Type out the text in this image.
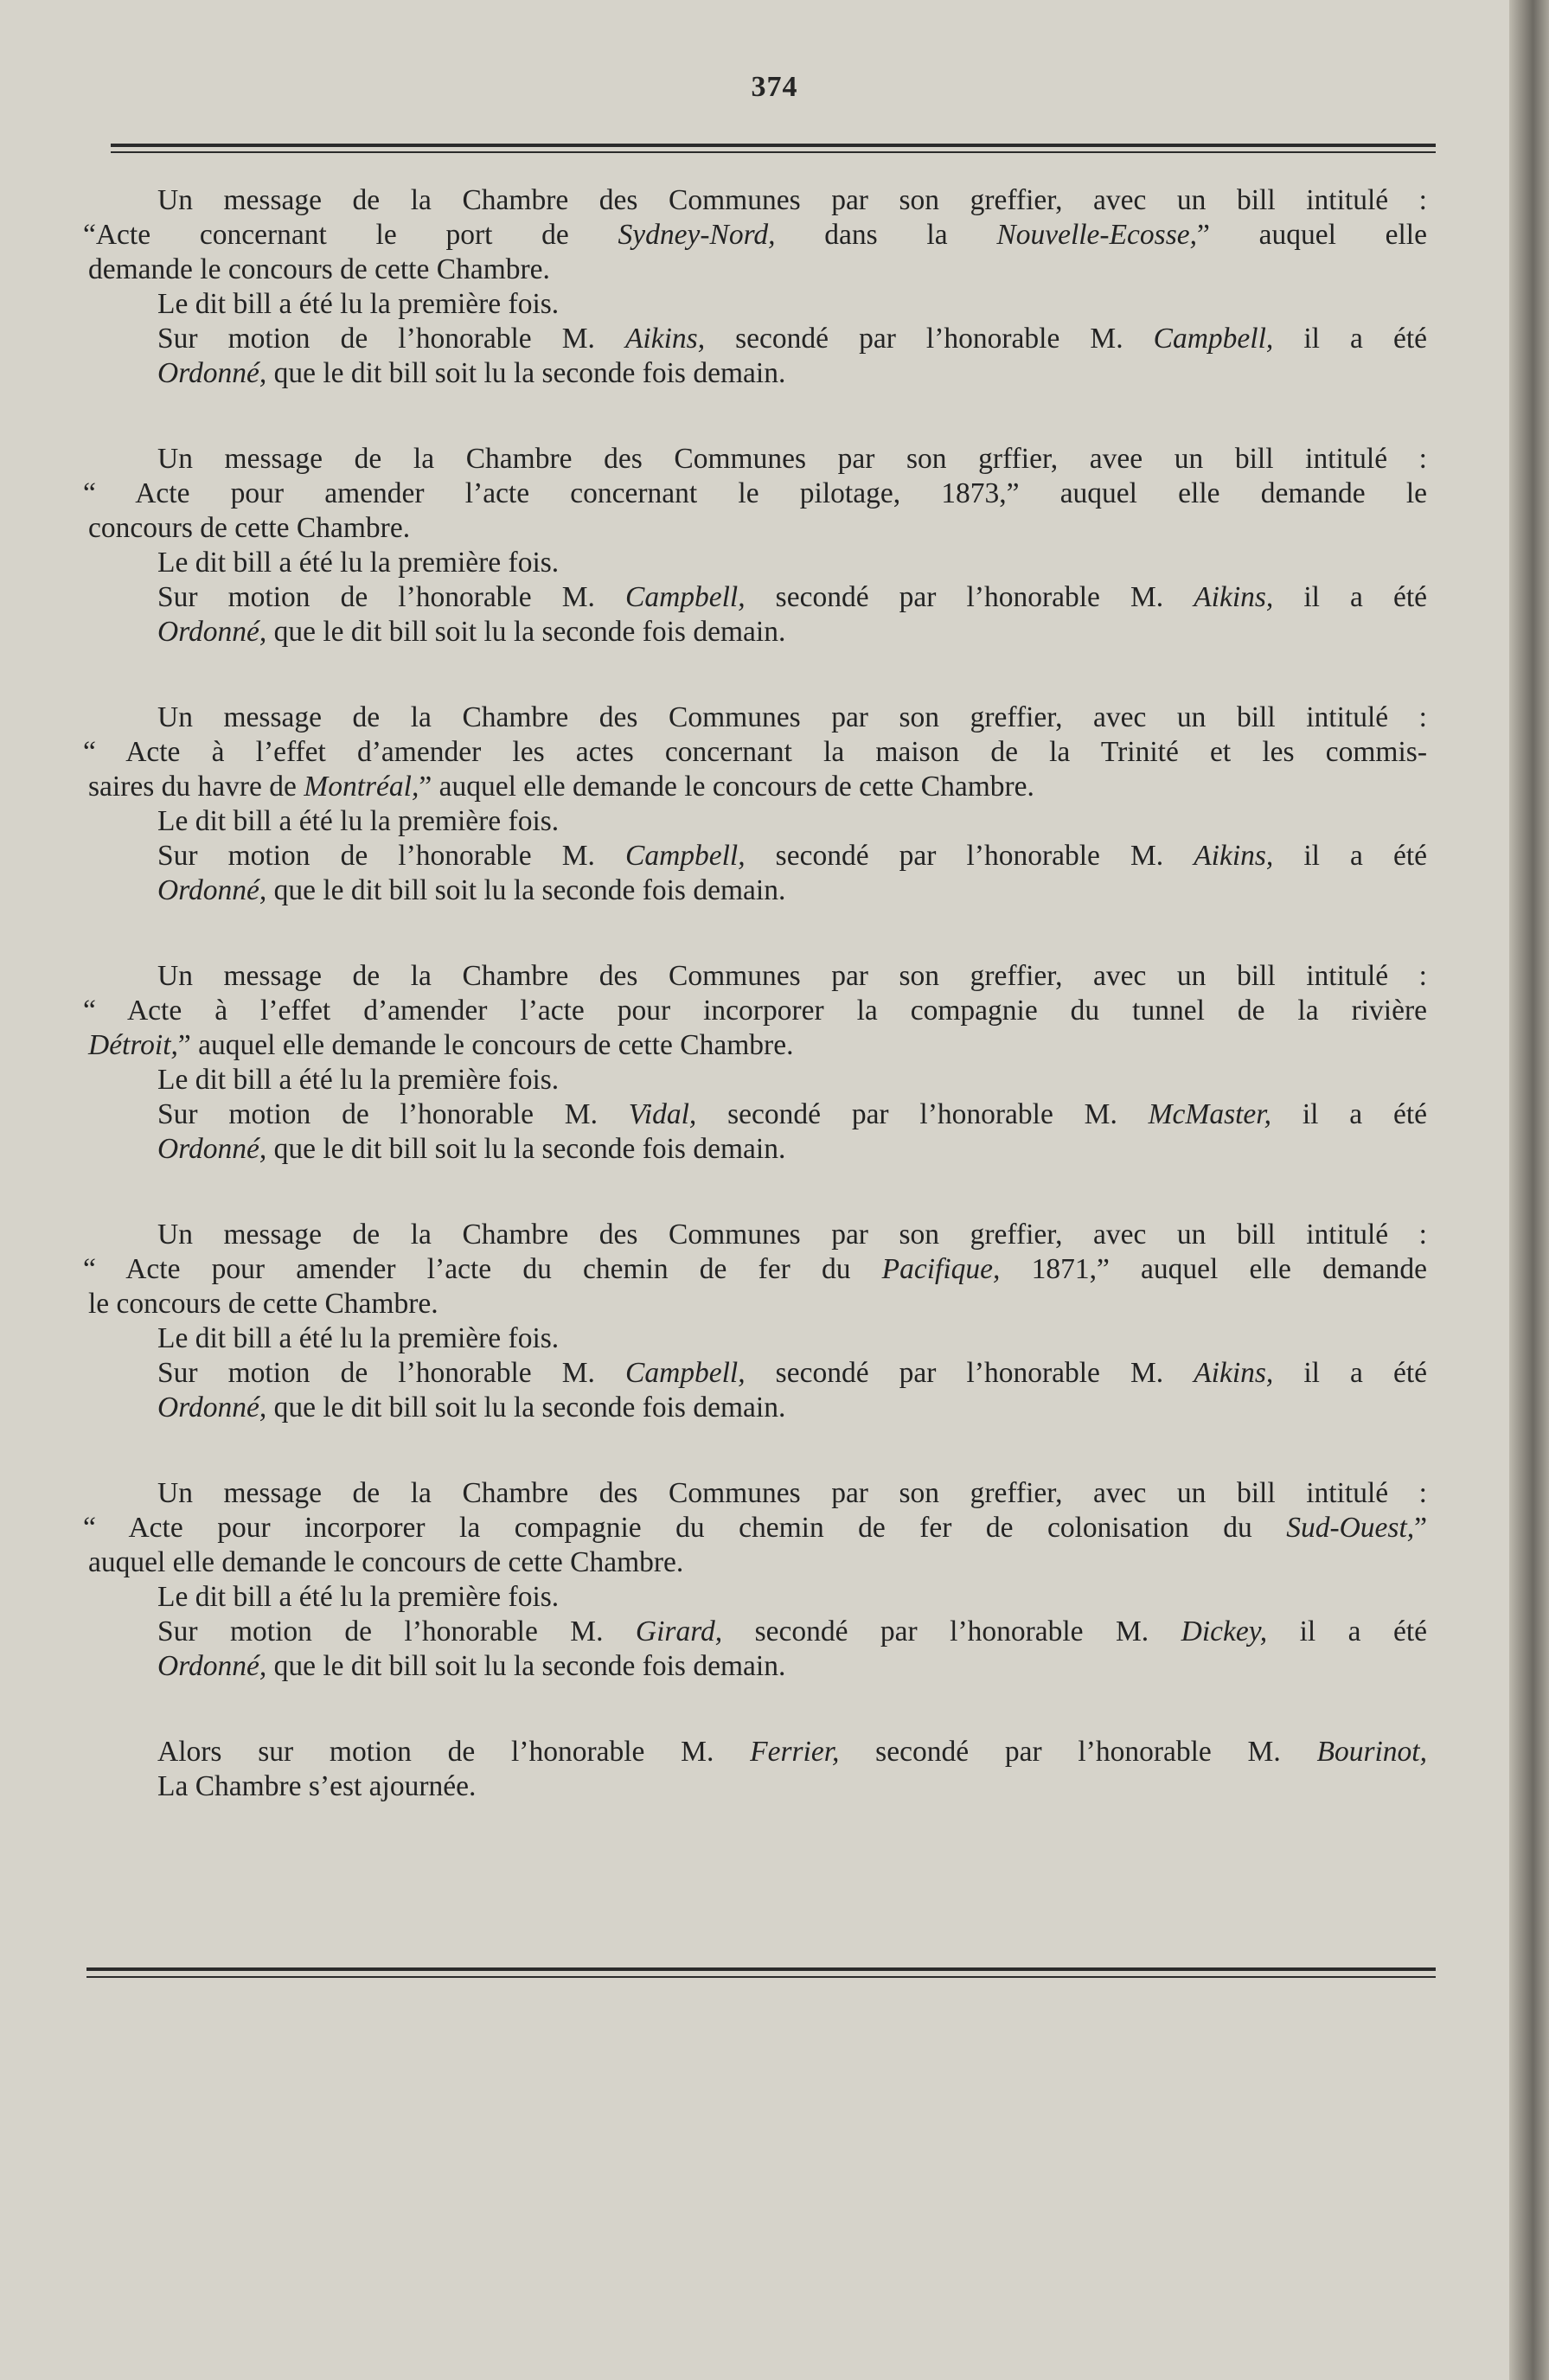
374
Un message de la Chambre des Communes par son greffier, avec un bill intitulé :
“Acte concernant le port de Sydney-Nord, dans la Nouvelle-Ecosse,” auquel elle
demande le concours de cette Chambre.
Le dit bill a été lu la première fois.
Sur motion de l’honorable M. Aikins, secondé par l’honorable M. Campbell, il a été
Ordonné, que le dit bill soit lu la seconde fois demain.
Un message de la Chambre des Communes par son grffier, avee un bill intitulé :
“ Acte pour amender l’acte concernant le pilotage, 1873,” auquel elle demande le
concours de cette Chambre.
Le dit bill a été lu la première fois.
Sur motion de l’honorable M. Campbell, secondé par l’honorable M. Aikins, il a été
Ordonné, que le dit bill soit lu la seconde fois demain.
Un message de la Chambre des Communes par son greffier, avec un bill intitulé :
“ Acte à l’effet d’amender les actes concernant la maison de la Trinité et les commis-
saires du havre de Montréal,” auquel elle demande le concours de cette Chambre.
Le dit bill a été lu la première fois.
Sur motion de l’honorable M. Campbell, secondé par l’honorable M. Aikins, il a été
Ordonné, que le dit bill soit lu la seconde fois demain.
Un message de la Chambre des Communes par son greffier, avec un bill intitulé :
“ Acte à l’effet d’amender l’acte pour incorporer la compagnie du tunnel de la rivière
Détroit,” auquel elle demande le concours de cette Chambre.
Le dit bill a été lu la première fois.
Sur motion de l’honorable M. Vidal, secondé par l’honorable M. McMaster, il a été
Ordonné, que le dit bill soit lu la seconde fois demain.
Un message de la Chambre des Communes par son greffier, avec un bill intitulé :
“ Acte pour amender l’acte du chemin de fer du Pacifique, 1871,” auquel elle demande
le concours de cette Chambre.
Le dit bill a été lu la première fois.
Sur motion de l’honorable M. Campbell, secondé par l’honorable M. Aikins, il a été
Ordonné, que le dit bill soit lu la seconde fois demain.
Un message de la Chambre des Communes par son greffier, avec un bill intitulé :
“ Acte pour incorporer la compagnie du chemin de fer de colonisation du Sud-Ouest,”
auquel elle demande le concours de cette Chambre.
Le dit bill a été lu la première fois.
Sur motion de l’honorable M. Girard, secondé par l’honorable M. Dickey, il a été
Ordonné, que le dit bill soit lu la seconde fois demain.
Alors sur motion de l’honorable M. Ferrier, secondé par l’honorable M. Bourinot,
La Chambre s’est ajournée.
